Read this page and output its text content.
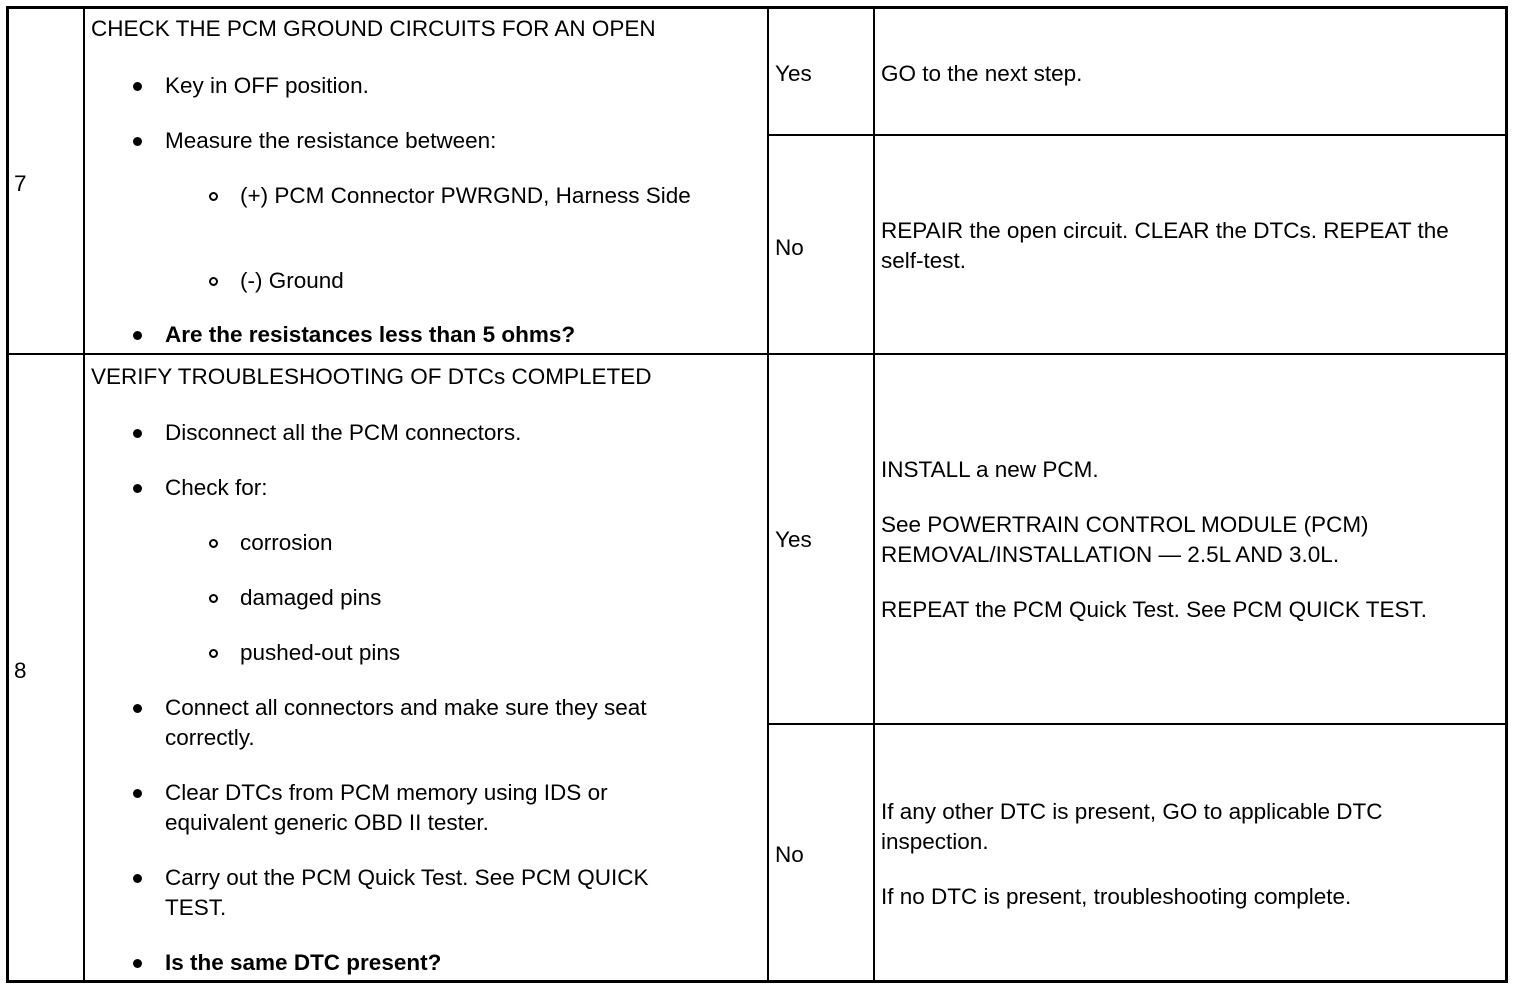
7
CHECK THE PCM GROUND CIRCUITS FOR AN OPEN
Key in OFF position.
Measure the resistance between:
(+) PCM Connector PWRGND, Harness Side
(-) Ground
Are the resistances less than 5 ohms?
Yes	GO to the next step.
No
REPAIR the open circuit. CLEAR the DTCs. REPEAT the self-test.
8
VERIFY TROUBLESHOOTING OF DTCs COMPLETED
Disconnect all the PCM connectors.
Check for:
corrosion
damaged pins
pushed-out pins
Connect all connectors and make sure they seat correctly.
Clear DTCs from PCM memory using IDS or equivalent generic OBD II tester.
Carry out the PCM Quick Test. See PCM QUICK TEST.
Is the same DTC present?
Yes
INSTALL a new PCM.
See POWERTRAIN CONTROL MODULE (PCM) REMOVAL/INSTALLATION — 2.5L AND 3.0L.
REPEAT the PCM Quick Test. See PCM QUICK TEST.
No
If any other DTC is present, GO to applicable DTC inspection.
If no DTC is present, troubleshooting complete.
